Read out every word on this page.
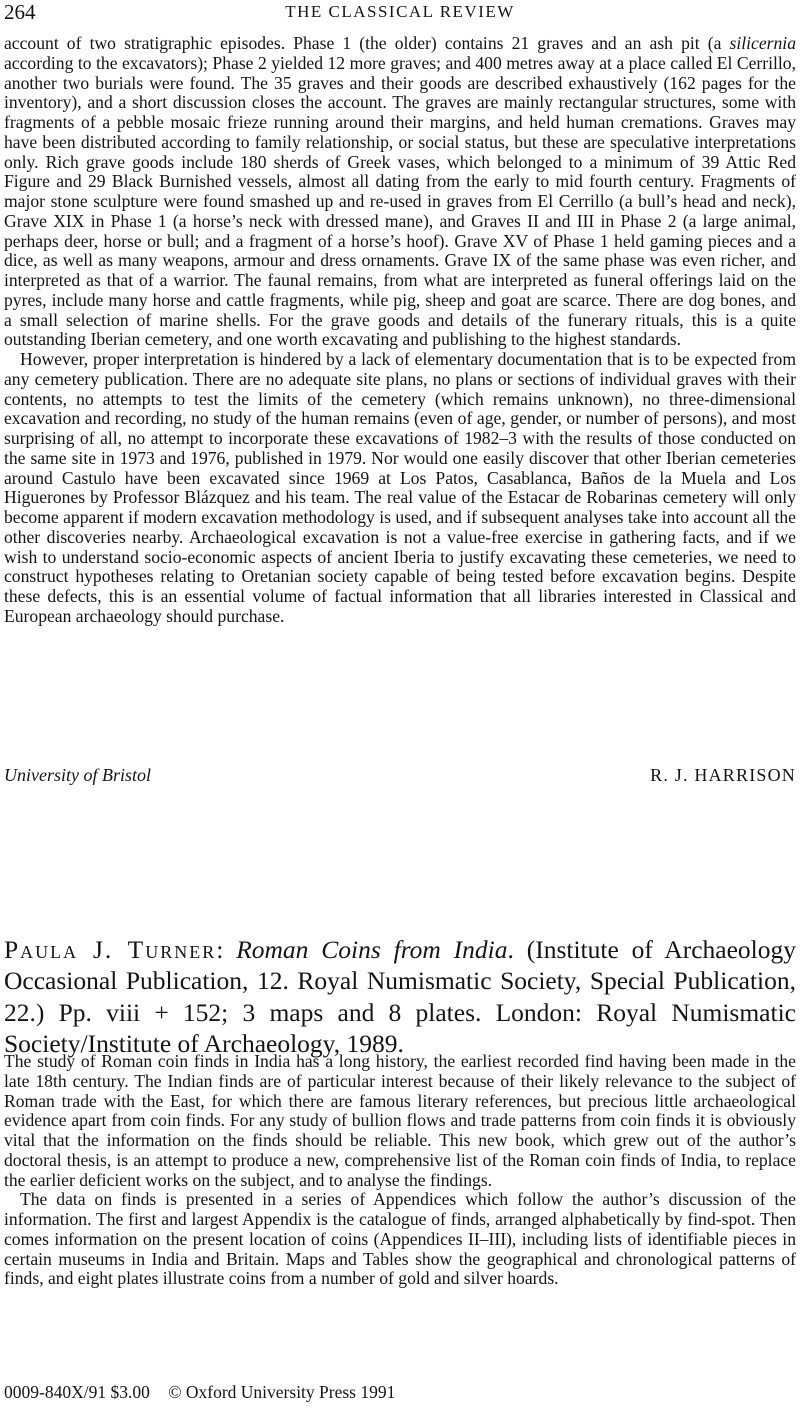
264	THE CLASSICAL REVIEW

account of two stratigraphic episodes. Phase 1 (the older) contains 21 graves and an ash pit (a silicernia according to the excavators); Phase 2 yielded 12 more graves; and 400 metres away at a place called El Cerrillo, another two burials were found. The 35 graves and their goods are described exhaustively (162 pages for the inventory), and a short discussion closes the account. The graves are mainly rectangular structures, some with fragments of a pebble mosaic frieze running around their margins, and held human cremations. Graves may have been distributed according to family relationship, or social status, but these are speculative interpretations only. Rich grave goods include 180 sherds of Greek vases, which belonged to a minimum of 39 Attic Red Figure and 29 Black Burnished vessels, almost all dating from the early to mid fourth century. Fragments of major stone sculpture were found smashed up and re-used in graves from El Cerrillo (a bull’s head and neck), Grave XIX in Phase 1 (a horse’s neck with dressed mane), and Graves II and III in Phase 2 (a large animal, perhaps deer, horse or bull; and a fragment of a horse’s hoof). Grave XV of Phase 1 held gaming pieces and a dice, as well as many weapons, armour and dress ornaments. Grave IX of the same phase was even richer, and interpreted as that of a warrior. The faunal remains, from what are interpreted as funeral offerings laid on the pyres, include many horse and cattle fragments, while pig, sheep and goat are scarce. There are dog bones, and a small selection of marine shells. For the grave goods and details of the funerary rituals, this is a quite outstanding Iberian cemetery, and one worth excavating and publishing to the highest standards.

However, proper interpretation is hindered by a lack of elementary documentation that is to be expected from any cemetery publication. There are no adequate site plans, no plans or sections of individual graves with their contents, no attempts to test the limits of the cemetery (which remains unknown), no three-dimensional excavation and recording, no study of the human remains (even of age, gender, or number of persons), and most surprising of all, no attempt to incorporate these excavations of 1982–3 with the results of those conducted on the same site in 1973 and 1976, published in 1979. Nor would one easily discover that other Iberian cemeteries around Castulo have been excavated since 1969 at Los Patos, Casablanca, Baños de la Muela and Los Higuerones by Professor Blázquez and his team. The real value of the Estacar de Robarinas cemetery will only become apparent if modern excavation methodology is used, and if subsequent analyses take into account all the other discoveries nearby. Archaeological excavation is not a value-free exercise in gathering facts, and if we wish to understand socio-economic aspects of ancient Iberia to justify excavating these cemeteries, we need to construct hypotheses relating to Oretanian society capable of being tested before excavation begins. Despite these defects, this is an essential volume of factual information that all libraries interested in Classical and European archaeology should purchase.

University of Bristol	R. J. HARRISON
Paula J. Turner: Roman Coins from India. (Institute of Archaeology Occasional Publication, 12. Royal Numismatic Society, Special Publication, 22.) Pp. viii + 152; 3 maps and 8 plates. London: Royal Numismatic Society/Institute of Archaeology, 1989.

The study of Roman coin finds in India has a long history, the earliest recorded find having been made in the late 18th century. The Indian finds are of particular interest because of their likely relevance to the subject of Roman trade with the East, for which there are famous literary references, but precious little archaeological evidence apart from coin finds. For any study of bullion flows and trade patterns from coin finds it is obviously vital that the information on the finds should be reliable. This new book, which grew out of the author’s doctoral thesis, is an attempt to produce a new, comprehensive list of the Roman coin finds of India, to replace the earlier deficient works on the subject, and to analyse the findings.

The data on finds is presented in a series of Appendices which follow the author’s discussion of the information. The first and largest Appendix is the catalogue of finds, arranged alphabetically by find-spot. Then comes information on the present location of coins (Appendices II–III), including lists of identifiable pieces in certain museums in India and Britain. Maps and Tables show the geographical and chronological patterns of finds, and eight plates illustrate coins from a number of gold and silver hoards.

0009-840X/91 $3.00 © Oxford University Press 1991
